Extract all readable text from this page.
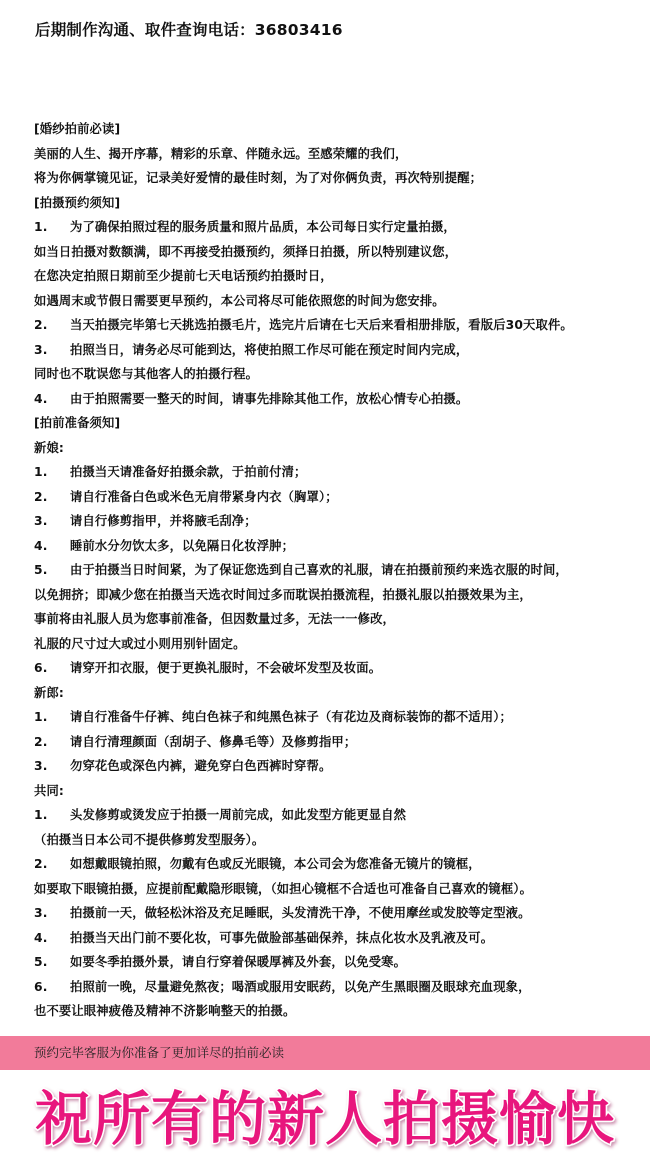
后期制作沟通、取件查询电话：36803416
[婚纱拍前必读]
美丽的人生、揭开序幕，精彩的乐章、伴随永远。至感荣耀的我们，
将为你俩掌镜见证，记录美好爱情的最佳时刻，为了对你俩负责，再次特别提醒；
[拍摄预约须知]
1. 为了确保拍照过程的服务质量和照片品质，本公司每日实行定量拍摄，
如当日拍摄对数额满，即不再接受拍摄预约，须择日拍摄，所以特别建议您，
在您决定拍照日期前至少提前七天电话预约拍摄时日，
如遇周末或节假日需要更早预约，本公司将尽可能依照您的时间为您安排。
2. 当天拍摄完毕第七天挑选拍摄毛片，选完片后请在七天后来看相册排版，看版后30天取件。
3. 拍照当日，请务必尽可能到达，将使拍照工作尽可能在预定时间内完成，
同时也不耽误您与其他客人的拍摄行程。
4. 由于拍照需要一整天的时间，请事先排除其他工作，放松心情专心拍摄。
[拍前准备须知]
新娘:
1. 拍摄当天请准备好拍摄余款，于拍前付清；
2. 请自行准备白色或米色无肩带紧身内衣（胸罩）；
3. 请自行修剪指甲，并将腋毛刮净；
4. 睡前水分勿饮太多，以免隔日化妆浮肿；
5. 由于拍摄当日时间紧，为了保证您选到自己喜欢的礼服，请在拍摄前预约来选衣服的时间，
以免拥挤；即减少您在拍摄当天选衣时间过多而耽误拍摄流程，拍摄礼服以拍摄效果为主，
事前将由礼服人员为您事前准备，但因数量过多，无法一一修改，
礼服的尺寸过大或过小则用别针固定。
6. 请穿开扣衣服，便于更换礼服时，不会破坏发型及妆面。
新郎:
1. 请自行准备牛仔裤、纯白色袜子和纯黑色袜子（有花边及商标装饰的都不适用）；
2. 请自行清理颜面（刮胡子、修鼻毛等）及修剪指甲；
3. 勿穿花色或深色内裤，避免穿白色西裤时穿帮。
共同:
1. 头发修剪或烫发应于拍摄一周前完成，如此发型方能更显自然
（拍摄当日本公司不提供修剪发型服务）。
2. 如想戴眼镜拍照，勿戴有色或反光眼镜，本公司会为您准备无镜片的镜框，
如要取下眼镜拍摄，应提前配戴隐形眼镜，（如担心镜框不合适也可准备自己喜欢的镜框）。
3. 拍摄前一天，做轻松沐浴及充足睡眠，头发清洗干净，不使用摩丝或发胶等定型液。
4. 拍摄当天出门前不要化妆，可事先做脸部基础保养，抹点化妆水及乳液及可。
5. 如要冬季拍摄外景，请自行穿着保暖厚裤及外套，以免受寒。
6. 拍照前一晚，尽量避免熬夜；喝酒或服用安眠药，以免产生黑眼圈及眼球充血现象，
也不要让眼神疲倦及精神不济影响整天的拍摄。
预约完毕客服为你准备了更加详尽的拍前必读
祝所有的新人拍摄愉快
